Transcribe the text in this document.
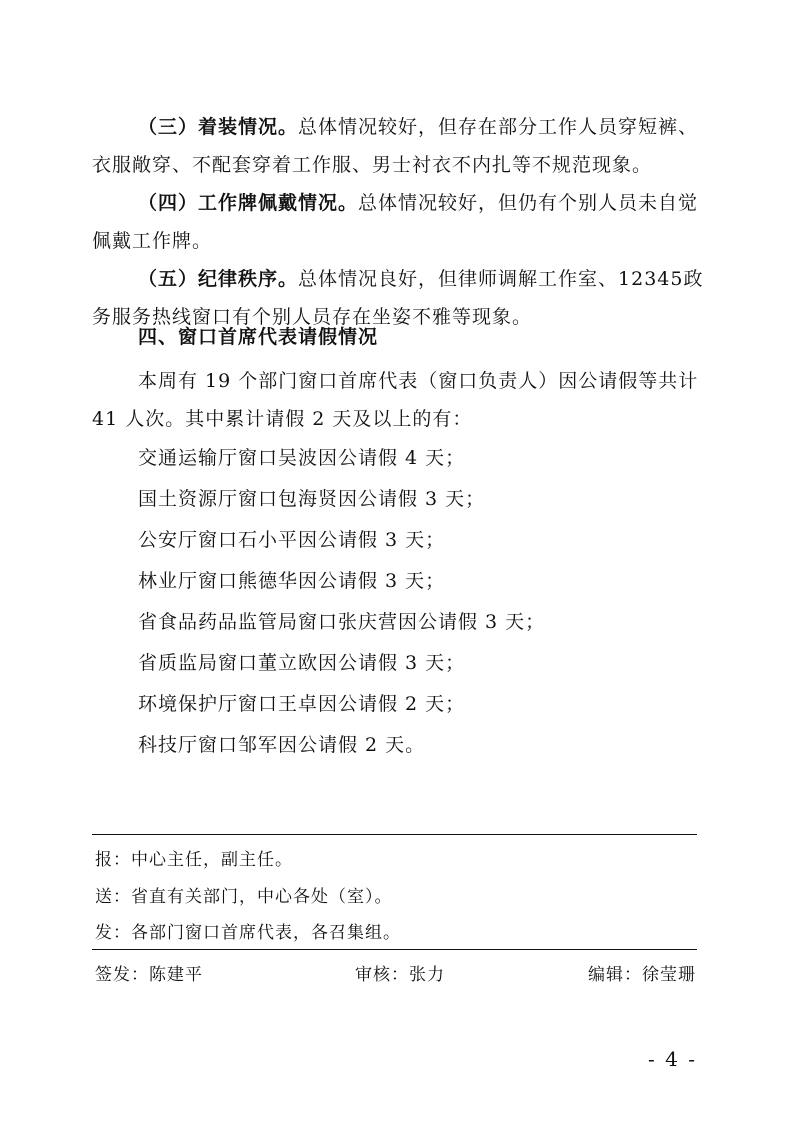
（三）着装情况。总体情况较好，但存在部分工作人员穿短裤、衣服敞穿、不配套穿着工作服、男士衬衣不内扎等不规范现象。
（四）工作牌佩戴情况。总体情况较好，但仍有个别人员未自觉佩戴工作牌。
（五）纪律秩序。总体情况良好，但律师调解工作室、12345政务服务热线窗口有个别人员存在坐姿不雅等现象。
四、窗口首席代表请假情况
本周有 19 个部门窗口首席代表（窗口负责人）因公请假等共计 41 人次。其中累计请假 2 天及以上的有：
交通运输厅窗口吴波因公请假 4 天；
国土资源厅窗口包海贤因公请假 3 天；
公安厅窗口石小平因公请假 3 天；
林业厅窗口熊德华因公请假 3 天；
省食品药品监管局窗口张庆营因公请假 3 天；
省质监局窗口董立欧因公请假 3 天；
环境保护厅窗口王卓因公请假 2 天；
科技厅窗口邹军因公请假 2 天。
报：中心主任，副主任。
送：省直有关部门，中心各处（室）。
发：各部门窗口首席代表，各召集组。
签发：陈建平	审核：张力	编辑：徐莹珊
- 4 -
